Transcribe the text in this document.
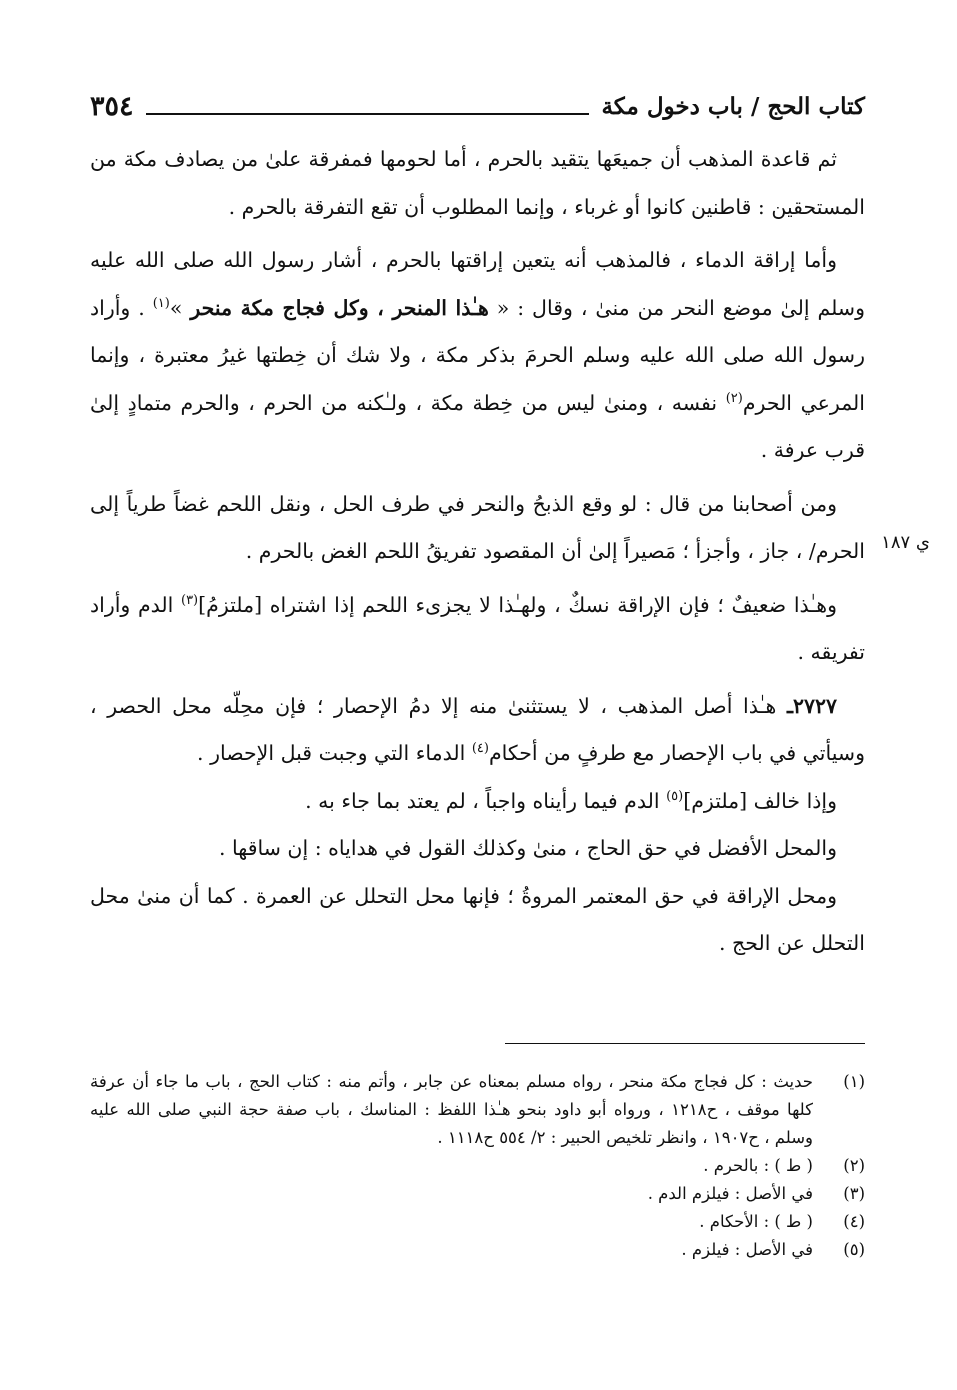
كتاب الحج / باب دخول مكة
٣٥٤
ي ١٨٧

ثم قاعدة المذهب أن جميعَها يتقيد بالحرم ، أما لحومها فمفرقة علىٰ من يصادف مكة من المستحقين : قاطنين كانوا أو غرباء ، وإنما المطلوب أن تقع التفرقة بالحرم .

وأما إراقة الدماء ، فالمذهب أنه يتعين إراقتها بالحرم ، أشار رسول الله صلى الله عليه وسلم إلىٰ موضع النحر من منىٰ ، وقال : « هـٰذا المنحر ، وكل فجاج مكة منحر »$^{(١)}$ . وأراد رسول الله صلى الله عليه وسلم الحرمَ بذكر مكة ، ولا شك أن خِطتها غيرُ معتبرة ، وإنما المرعي الحرم$^{(٢)}$ نفسه ، ومنىٰ ليس من خِطة مكة ، ولـٰكنه من الحرم ، والحرم متمادٍ إلىٰ قرب عرفة .

ومن أصحابنا من قال : لو وقع الذبحُ والنحر في طرف الحل ، ونقل اللحم غضاً طرياً إلى الحرم/ ، جاز ، وأجزأ ؛ مَصيراً إلىٰ أن المقصود تفريقُ اللحم الغض بالحرم .

وهـٰذا ضعيفٌ ؛ فإن الإراقة نسكٌ ، ولهـٰذا لا يجزىء اللحم إذا اشتراه [ملتزمُ]$^{(٣)}$ الدم وأراد تفريقه .

٢٧٢٧ـ هـٰذا أصل المذهب ، لا يستثنىٰ منه إلا دمُ الإحصار ؛ فإن محِلّه محل الحصر ، وسيأتي في باب الإحصار مع طرفٍ من أحكام$^{(٤)}$ الدماء التي وجبت قبل الإحصار .

وإذا خالف [ملتزم]$^{(٥)}$ الدم فيما رأيناه واجباً ، لم يعتد بما جاء به .

والمحل الأفضل في حق الحاج ، منىٰ وكذلك القول في هداياه : إن ساقها .

ومحل الإراقة في حق المعتمر المروةُ ؛ فإنها محل التحلل عن العمرة . كما أن منىٰ محل التحلل عن الحج .

(١)
حديث : كل فجاج مكة منحر ، رواه مسلم بمعناه عن جابر ، وأتم منه : كتاب الحج ، باب ما جاء أن عرفة كلها موقف ، ح١٢١٨ ، ورواه أبو داود بنحو هـٰذا اللفظ : المناسك ، باب صفة حجة النبي صلى الله عليه وسلم ، ح١٩٠٧ ، وانظر تلخيص الحبير : ٢/ ٥٥٤ ح١١١٨ .
(٢)
( ط ) : بالحرم .
(٣)
في الأصل : فيلزم الدم .
(٤)
( ط ) : الأحكام .
(٥)
في الأصل : فيلزم .
